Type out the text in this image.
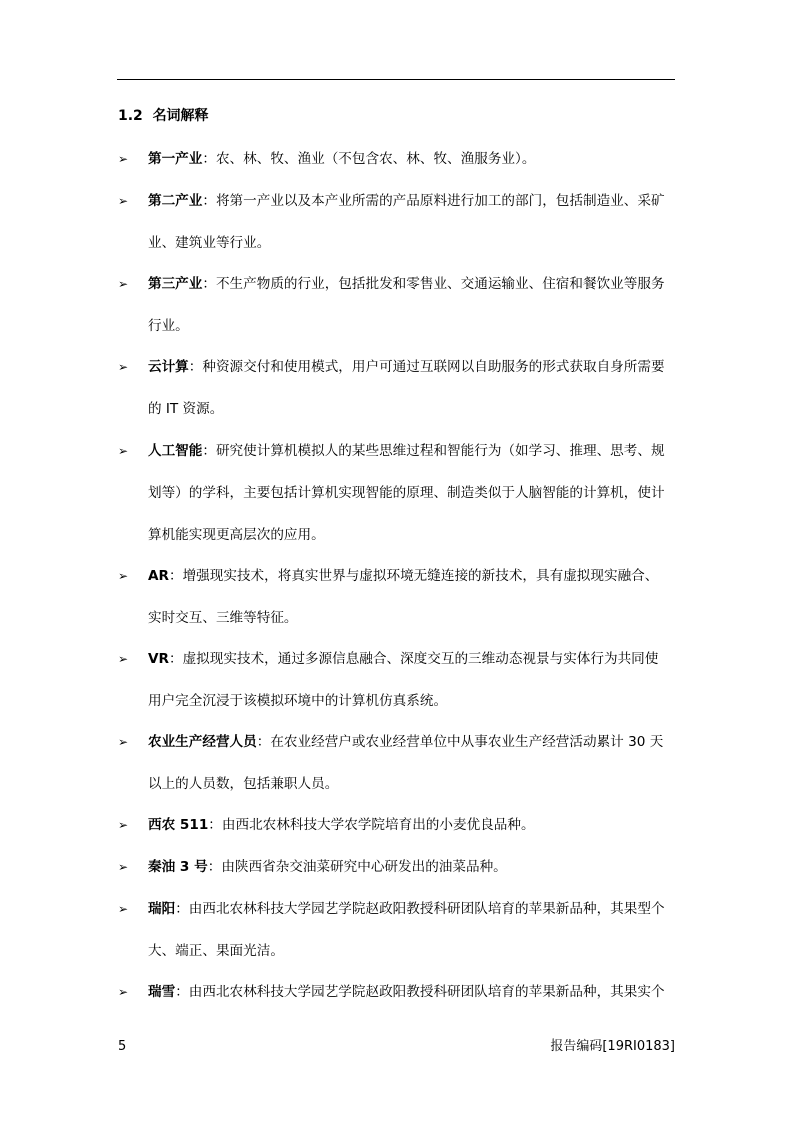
1.2 名词解释
➢ 第一产业：农、林、牧、渔业（不包含农、林、牧、渔服务业）。
➢ 第二产业：将第一产业以及本产业所需的产品原料进行加工的部门，包括制造业、采矿
业、建筑业等行业。
➢ 第三产业：不生产物质的行业，包括批发和零售业、交通运输业、住宿和餐饮业等服务
行业。
➢ 云计算：种资源交付和使用模式，用户可通过互联网以自助服务的形式获取自身所需要
的 IT 资源。
➢ 人工智能：研究使计算机模拟人的某些思维过程和智能行为（如学习、推理、思考、规
划等）的学科，主要包括计算机实现智能的原理、制造类似于人脑智能的计算机，使计
算机能实现更高层次的应用。
➢ AR：增强现实技术，将真实世界与虚拟环境无缝连接的新技术，具有虚拟现实融合、
实时交互、三维等特征。
➢ VR：虚拟现实技术，通过多源信息融合、深度交互的三维动态视景与实体行为共同使
用户完全沉浸于该模拟环境中的计算机仿真系统。
➢ 农业生产经营人员：在农业经营户或农业经营单位中从事农业生产经营活动累计 30 天
以上的人员数，包括兼职人员。
➢ 西农 511：由西北农林科技大学农学院培育出的小麦优良品种。
➢ 秦油 3 号：由陕西省杂交油菜研究中心研发出的油菜品种。
➢ 瑞阳：由西北农林科技大学园艺学院赵政阳教授科研团队培育的苹果新品种，其果型个
大、端正、果面光洁。
➢ 瑞雪：由西北农林科技大学园艺学院赵政阳教授科研团队培育的苹果新品种，其果实个
5	报告编码[19RI0183]
